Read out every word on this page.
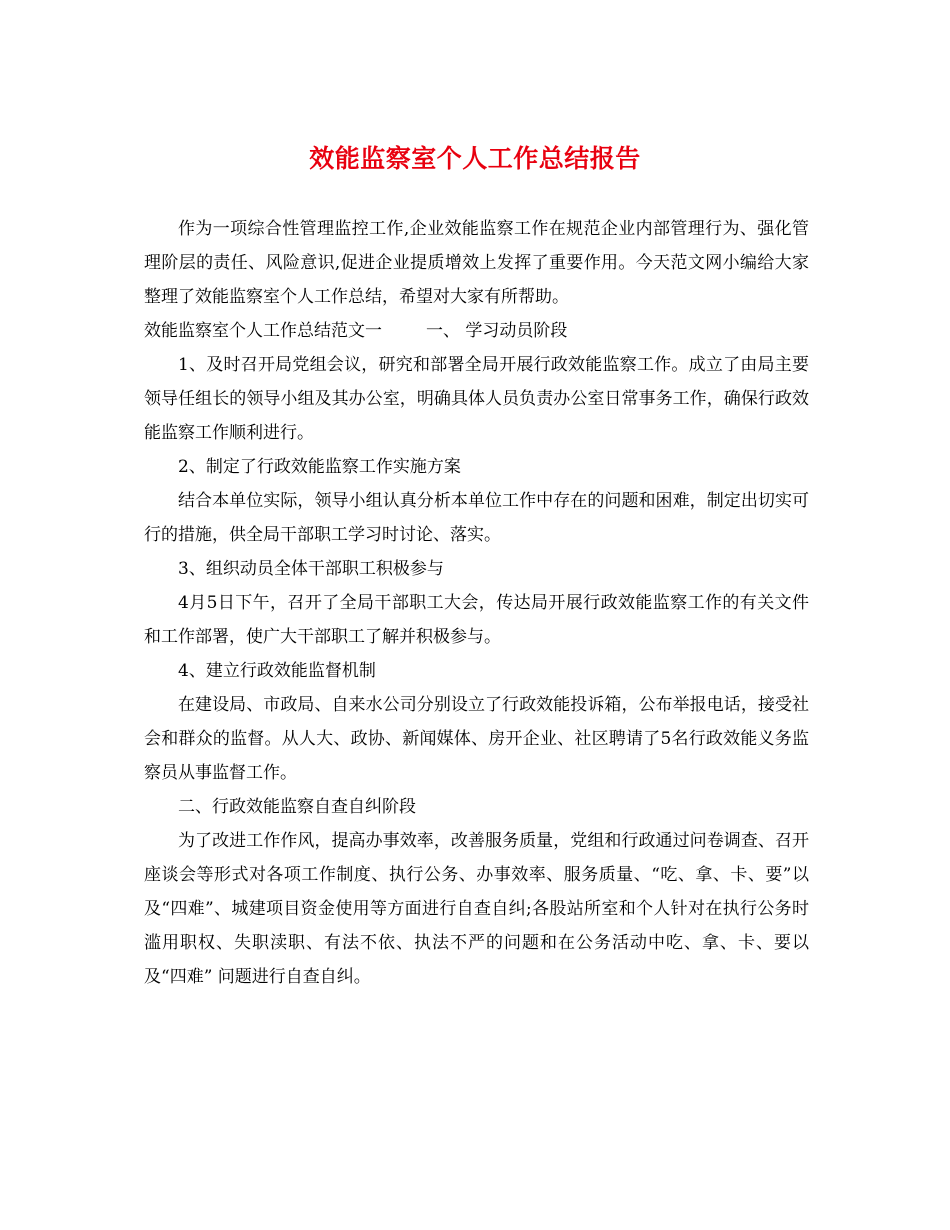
效能监察室个人工作总结报告

作为一项综合性管理监控工作,企业效能监察工作在规范企业内部管理行为、强化管理阶层的责任、风险意识,促进企业提质增效上发挥了重要作用。今天范文网小编给大家整理了效能监察室个人工作总结，希望对大家有所帮助。

效能监察室个人工作总结范文一	一、 学习动员阶段

1、及时召开局党组会议，研究和部署全局开展行政效能监察工作。成立了由局主要领导任组长的领导小组及其办公室，明确具体人员负责办公室日常事务工作，确保行政效能监察工作顺利进行。

2、制定了行政效能监察工作实施方案

结合本单位实际，领导小组认真分析本单位工作中存在的问题和困难，制定出切实可行的措施，供全局干部职工学习时讨论、落实。

3、组织动员全体干部职工积极参与

4月5日下午，召开了全局干部职工大会，传达局开展行政效能监察工作的有关文件和工作部署，使广大干部职工了解并积极参与。

4、建立行政效能监督机制

在建设局、市政局、自来水公司分别设立了行政效能投诉箱，公布举报电话，接受社会和群众的监督。从人大、政协、新闻媒体、房开企业、社区聘请了5名行政效能义务监察员从事监督工作。

二、行政效能监察自查自纠阶段

为了改进工作作风，提高办事效率，改善服务质量，党组和行政通过问卷调查、召开座谈会等形式对各项工作制度、执行公务、办事效率、服务质量、“吃、拿、卡、要”以及“四难”、城建项目资金使用等方面进行自查自纠;各股站所室和个人针对在执行公务时滥用职权、失职渎职、有法不依、执法不严的问题和在公务活动中吃、拿、卡、要以及“四难” 问题进行自查自纠。
